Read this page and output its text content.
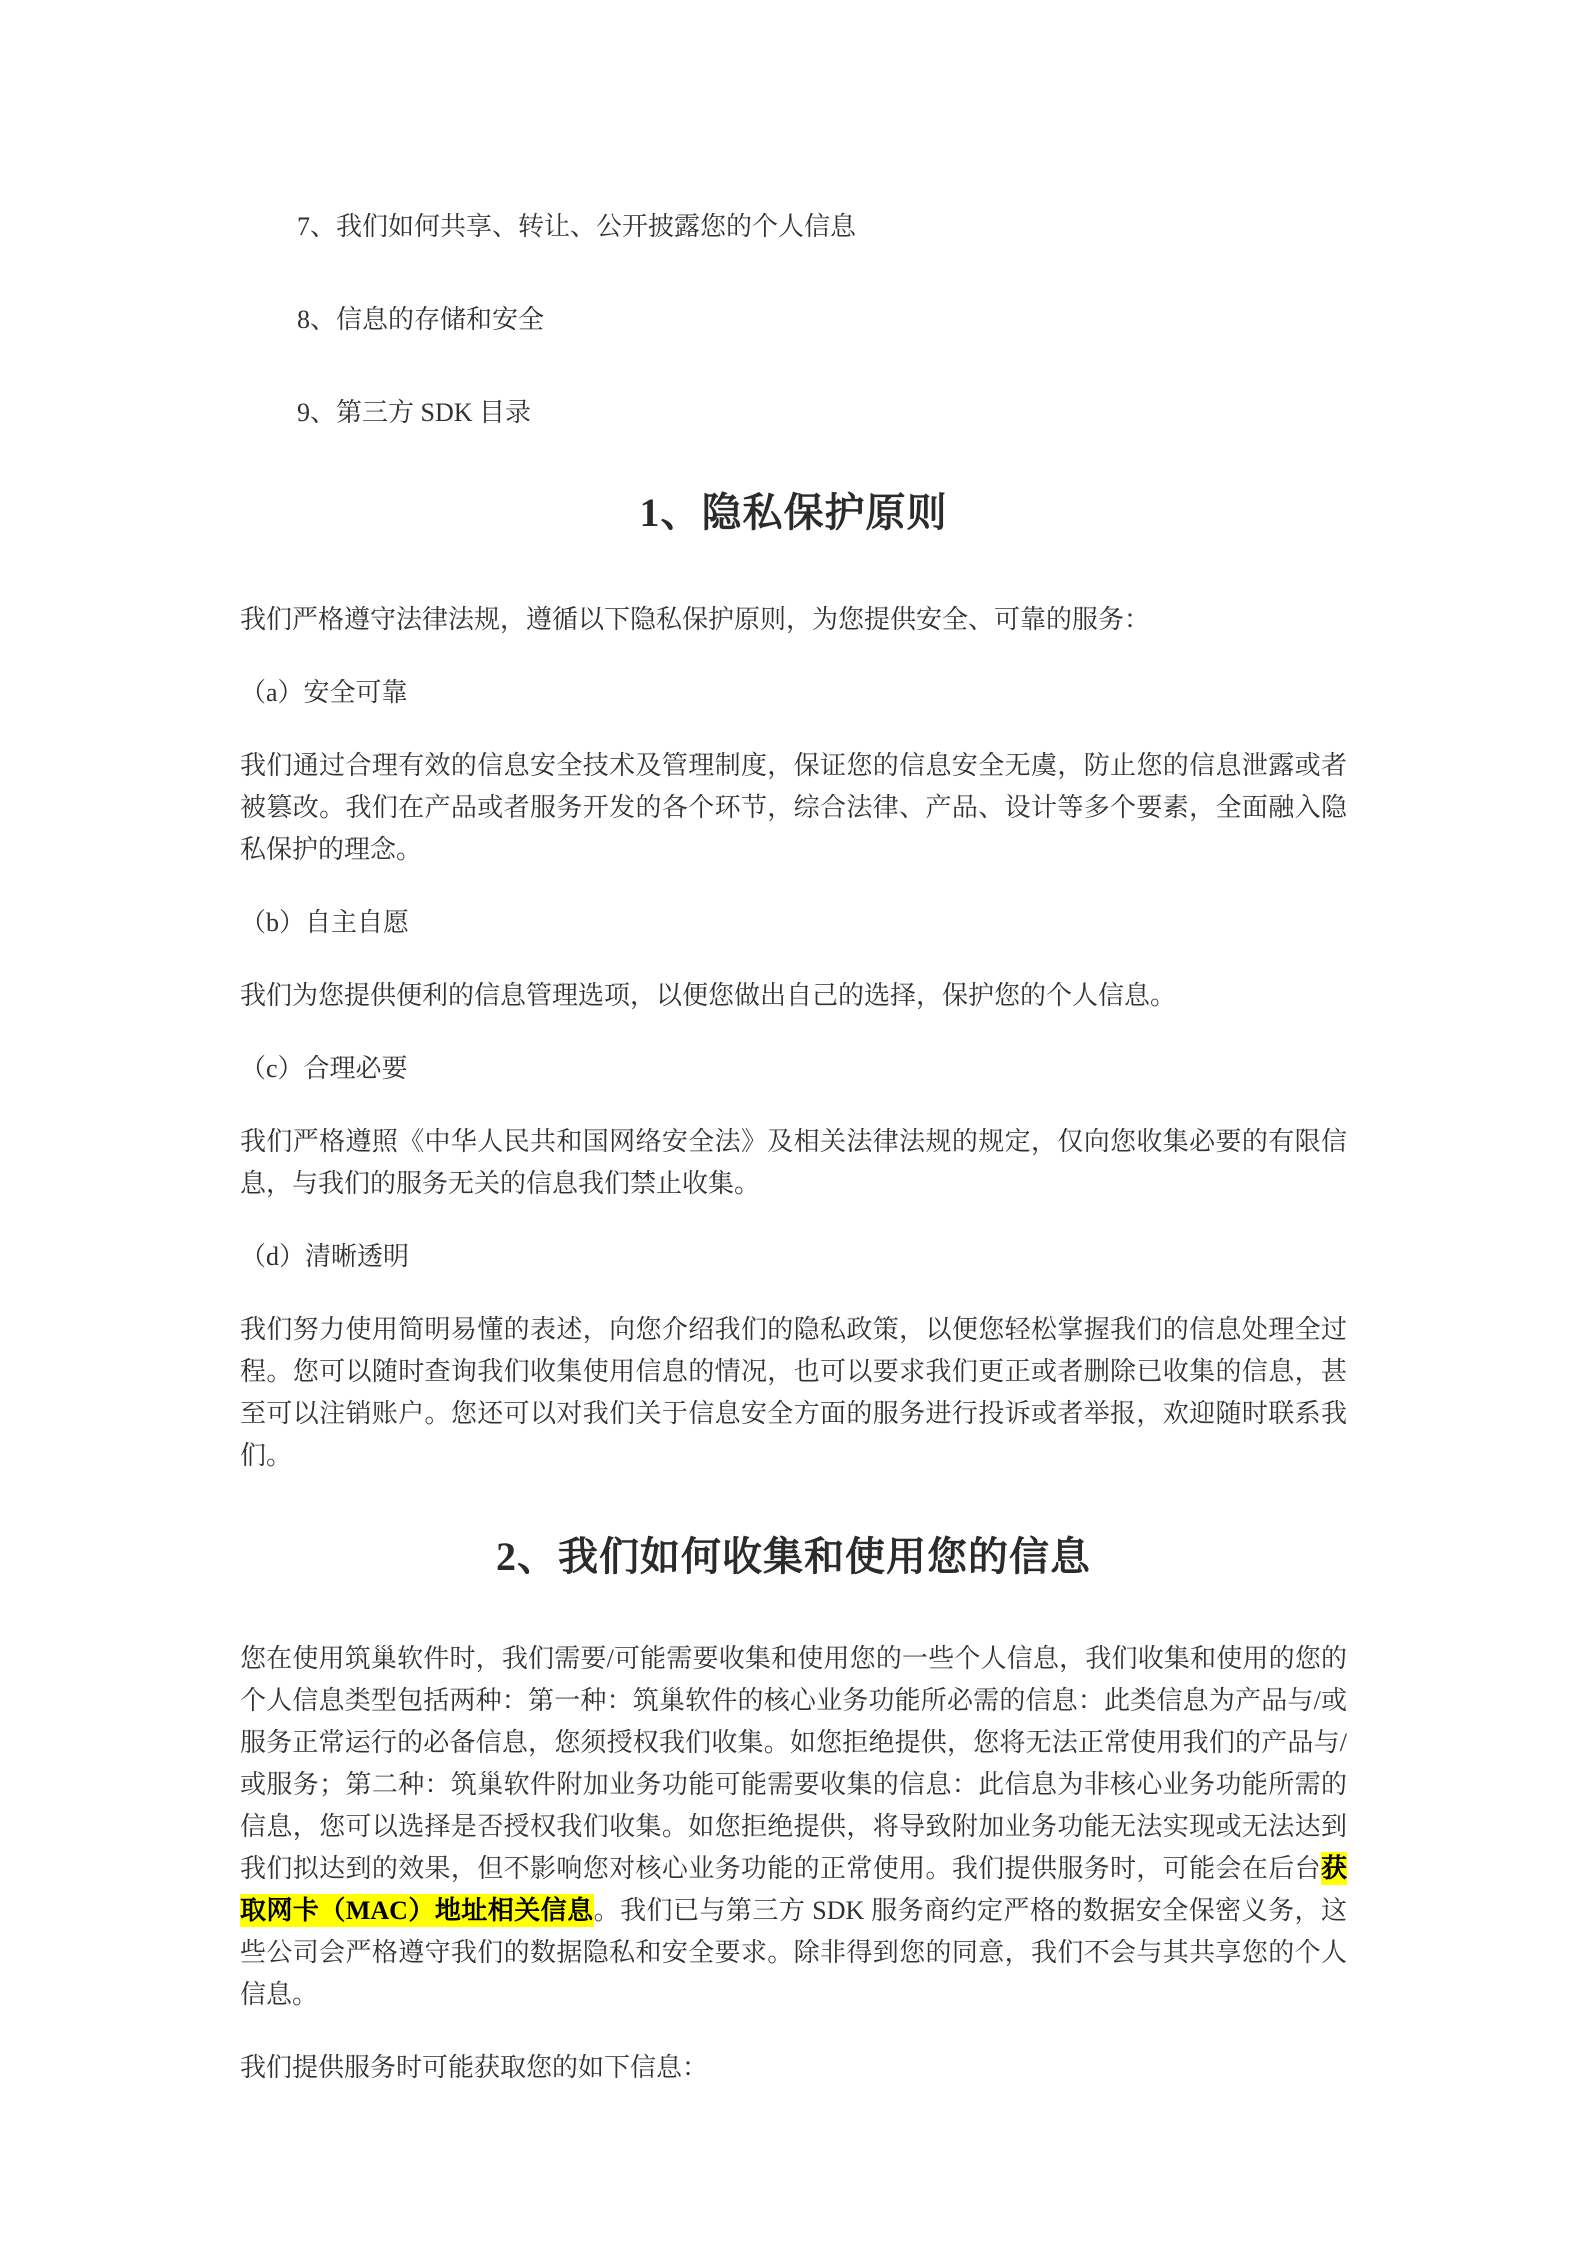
7、我们如何共享、转让、公开披露您的个人信息

8、信息的存储和安全

9、第三方 SDK 目录

1、隐私保护原则

我们严格遵守法律法规，遵循以下隐私保护原则，为您提供安全、可靠的服务：

（a）安全可靠

我们通过合理有效的信息安全技术及管理制度，保证您的信息安全无虞，防止您的信息泄露或者被篡改。我们在产品或者服务开发的各个环节，综合法律、产品、设计等多个要素，全面融入隐私保护的理念。

（b）自主自愿

我们为您提供便利的信息管理选项，以便您做出自己的选择，保护您的个人信息。

（c）合理必要

我们严格遵照《中华人民共和国网络安全法》及相关法律法规的规定，仅向您收集必要的有限信息，与我们的服务无关的信息我们禁止收集。

（d）清晰透明

我们努力使用简明易懂的表述，向您介绍我们的隐私政策，以便您轻松掌握我们的信息处理全过程。您可以随时查询我们收集使用信息的情况，也可以要求我们更正或者删除已收集的信息，甚至可以注销账户。您还可以对我们关于信息安全方面的服务进行投诉或者举报，欢迎随时联系我们。

2、我们如何收集和使用您的信息

您在使用筑巢软件时，我们需要/可能需要收集和使用您的一些个人信息，我们收集和使用的您的个人信息类型包括两种：第一种：筑巢软件的核心业务功能所必需的信息：此类信息为产品与/或服务正常运行的必备信息，您须授权我们收集。如您拒绝提供，您将无法正常使用我们的产品与/或服务；第二种：筑巢软件附加业务功能可能需要收集的信息：此信息为非核心业务功能所需的信息，您可以选择是否授权我们收集。如您拒绝提供，将导致附加业务功能无法实现或无法达到我们拟达到的效果，但不影响您对核心业务功能的正常使用。我们提供服务时，可能会在后台获取网卡（MAC）地址相关信息。我们已与第三方 SDK 服务商约定严格的数据安全保密义务，这些公司会严格遵守我们的数据隐私和安全要求。除非得到您的同意，我们不会与其共享您的个人信息。

我们提供服务时可能获取您的如下信息：
